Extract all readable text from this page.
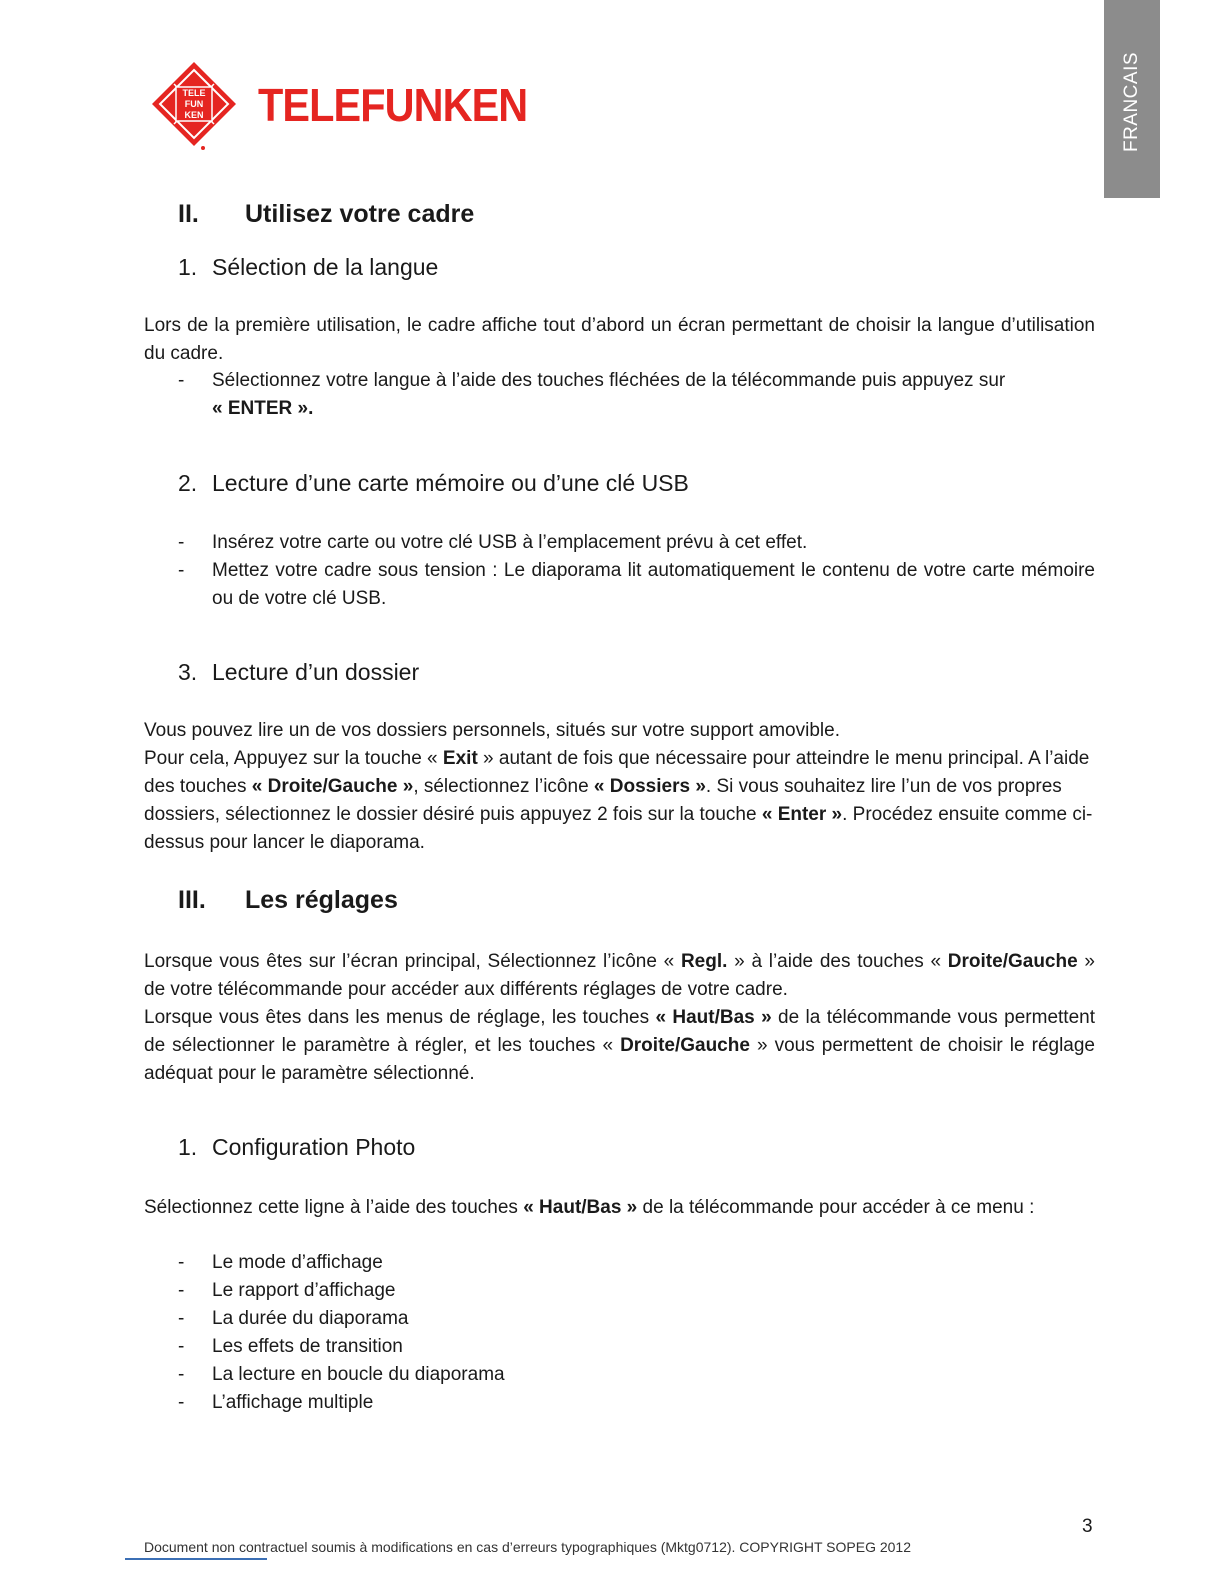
FRANCAIS
TELE
FUN
KEN TELEFUNKEN
II. Utilisez votre cadre
1. Sélection de la langue

Lors de la première utilisation, le cadre affiche tout d’abord un écran permettant de choisir la langue d’utilisation du cadre.

- Sélectionnez votre langue à l’aide des touches fléchées de la télécommande puis appuyez sur
« ENTER ».
2. Lecture d’une carte mémoire ou d’une clé USB
- Insérez votre carte ou votre clé USB à l’emplacement prévu à cet effet.
- Mettez votre cadre sous tension : Le diaporama lit automatiquement le contenu de votre carte mémoire ou de votre clé USB.
3. Lecture d’un dossier

Vous pouvez lire un de vos dossiers personnels, situés sur votre support amovible.

Pour cela, Appuyez sur la touche « Exit » autant de fois que nécessaire pour atteindre le menu principal. A l’aide des touches « Droite/Gauche », sélectionnez l’icône « Dossiers ». Si vous souhaitez lire l’un de vos propres dossiers, sélectionnez le dossier désiré puis appuyez 2 fois sur la touche « Enter ». Procédez ensuite comme ci-dessus pour lancer le diaporama.

III. Les réglages

Lorsque vous êtes sur l’écran principal, Sélectionnez l’icône « Regl. » à l’aide des touches « Droite/Gauche » de votre télécommande pour accéder aux différents réglages de votre cadre.

Lorsque vous êtes dans les menus de réglage, les touches « Haut/Bas » de la télécommande vous permettent de sélectionner le paramètre à régler, et les touches « Droite/Gauche » vous permettent de choisir le réglage adéquat pour le paramètre sélectionné.

1. Configuration Photo

Sélectionnez cette ligne à l’aide des touches « Haut/Bas » de la télécommande pour accéder à ce menu :

- Le mode d’affichage
- Le rapport d’affichage
- La durée du diaporama
- Les effets de transition
- La lecture en boucle du diaporama
- L’affichage multiple
3
Document non contractuel soumis à modifications en cas d’erreurs typographiques (Mktg0712). COPYRIGHT SOPEG 2012
